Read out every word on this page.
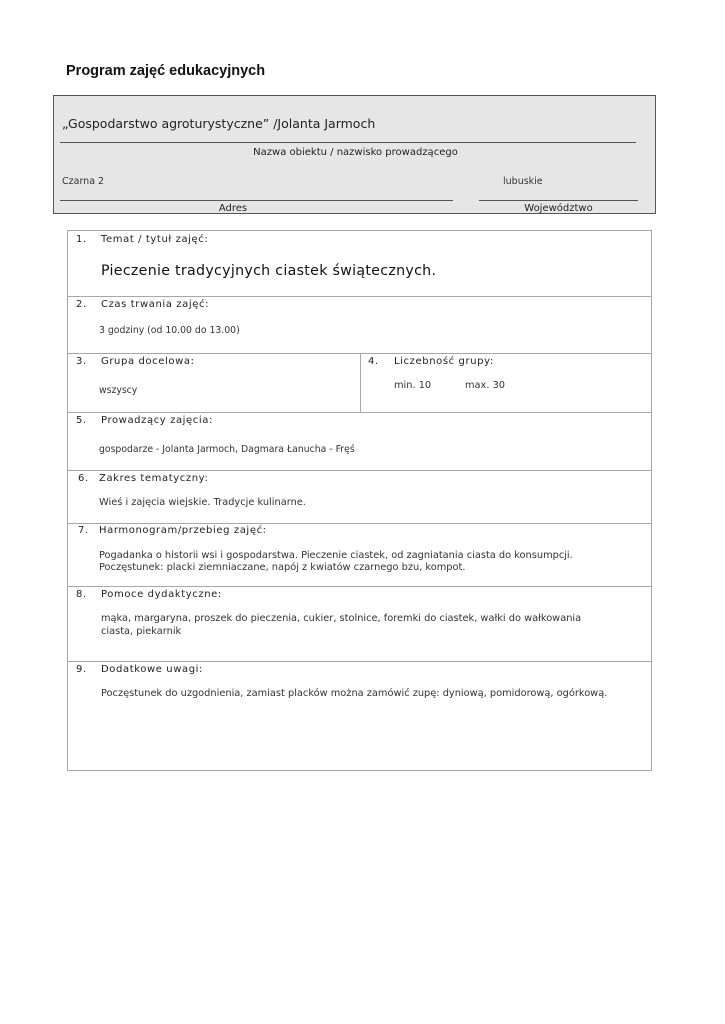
Program zajęć edukacyjnych
„Gospodarstwo agroturystyczne” /Jolanta Jarmoch
Nazwa obiektu / nazwisko prowadzącego
Czarna 2
Adres
lubuskie
Województwo
1. Temat / tytuł zajęć:
Pieczenie tradycyjnych ciastek świątecznych.
2. Czas trwania zajęć:
3 godziny (od 10.00 do 13.00)
3. Grupa docelowa:
wszyscy
4. Liczebność grupy:
min. 10	max. 30
5. Prowadzący zajęcia:
gospodarze - Jolanta Jarmoch, Dagmara Łanucha - Fręś
6. Zakres tematyczny:
Wieś i zajęcia wiejskie. Tradycje kulinarne.
7. Harmonogram/przebieg zajęć:
Pogadanka o historii wsi i gospodarstwa. Pieczenie ciastek, od zagniatania ciasta do konsumpcji.
Poczęstunek: placki ziemniaczane, napój z kwiatów czarnego bzu, kompot.
8. Pomoce dydaktyczne:
mąka, margaryna, proszek do pieczenia, cukier, stolnice, foremki do ciastek, wałki do wałkowania
ciasta, piekarnik
9. Dodatkowe uwagi:
Poczęstunek do uzgodnienia, zamiast placków można zamówić zupę: dyniową, pomidorową, ogórkową.
